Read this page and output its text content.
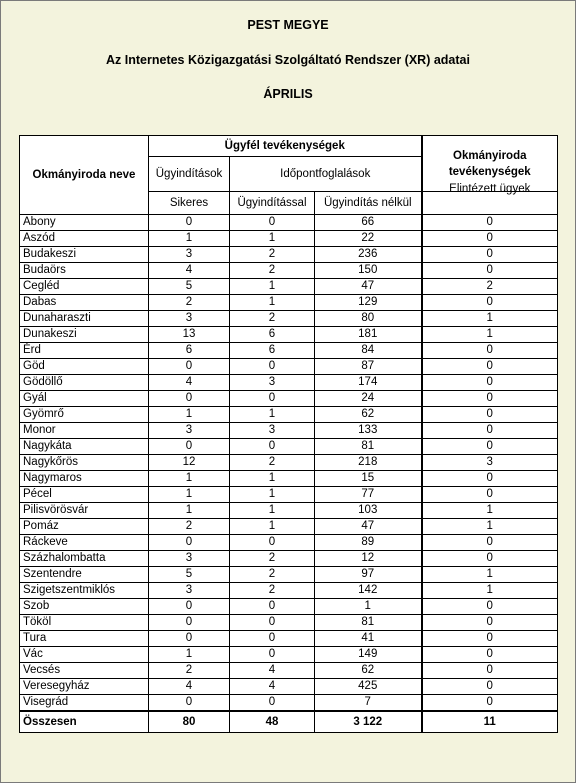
PEST MEGYE
Az Internetes Közigazgatási Szolgáltató Rendszer (XR) adatai
ÁPRILIS
Okmányiroda neve	Ügyfél tevékenységek			Okmányiroda tevékenységek
	Ügyindítások	Időpontfoglalások		
	Sikeres	Ügyindítással	Ügyindítás nélkül	Elintézett ügyek
Abony	0	0	66	0
Aszód	1	1	22	0
Budakeszi	3	2	236	0
Budaörs	4	2	150	0
Cegléd	5	1	47	2
Dabas	2	1	129	0
Dunaharaszti	3	2	80	1
Dunakeszi	13	6	181	1
Érd	6	6	84	0
Göd	0	0	87	0
Gödöllő	4	3	174	0
Gyál	0	0	24	0
Gyömrő	1	1	62	0
Monor	3	3	133	0
Nagykáta	0	0	81	0
Nagykőrös	12	2	218	3
Nagymaros	1	1	15	0
Pécel	1	1	77	0
Pilisvörösvár	1	1	103	1
Pomáz	2	1	47	1
Ráckeve	0	0	89	0
Százhalombatta	3	2	12	0
Szentendre	5	2	97	1
Szigetszentmiklós	3	2	142	1
Szob	0	0	1	0
Tököl	0	0	81	0
Tura	0	0	41	0
Vác	1	0	149	0
Vecsés	2	4	62	0
Veresegyház	4	4	425	0
Visegrád	0	0	7	0
Összesen	80	48	3 122	11
